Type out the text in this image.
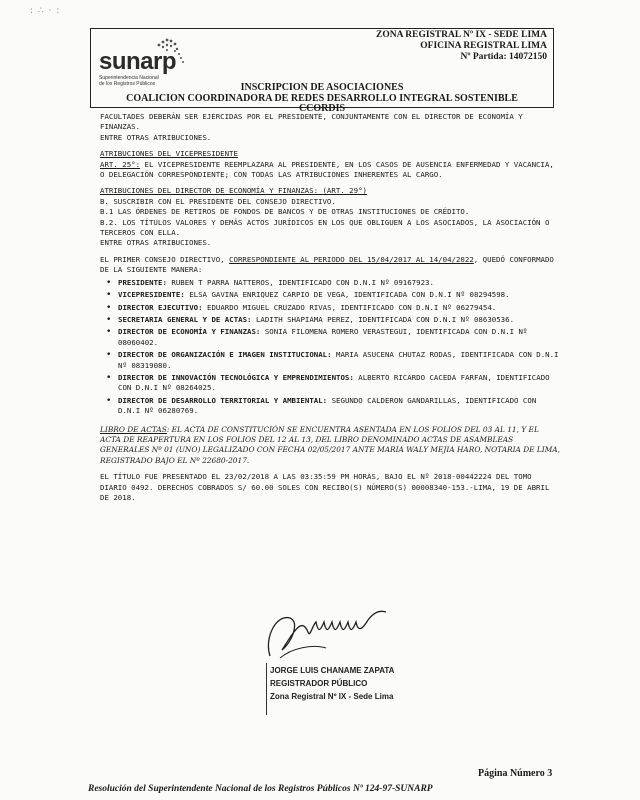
: ∴ · :
sunarp
Superintendencia Nacional
de los Registros Públicos
ZONA REGISTRAL Nº IX - SEDE LIMA
OFICINA REGISTRAL LIMA
Nº Partida: 14072150
INSCRIPCION DE ASOCIACIONES
COALICION COORDINADORA DE REDES DESARROLLO INTEGRAL SOSTENIBLE
CCORDIS

FACULTADES DEBERÁN SER EJERCIDAS POR EL PRESIDENTE, CONJUNTAMENTE CON EL DIRECTOR DE ECONOMÍA Y FINANZAS.

ENTRE OTRAS ATRIBUCIONES.

ATRIBUCIONES DEL VICEPRESIDENTE

ART. 25°: EL VICEPRESIDENTE REEMPLAZARA AL PRESIDENTE, EN LOS CASOS DE AUSENCIA ENFERMEDAD Y VACANCIA, O DELEGACIÓN CORRESPONDIENTE; CON TODAS LAS ATRIBUCIONES INHERENTES AL CARGO.

ATRIBUCIONES DEL DIRECTOR DE ECONOMÍA Y FINANZAS: (ART. 29°)

B. SUSCRIBIR CON EL PRESIDENTE DEL CONSEJO DIRECTIVO.

B.1 LAS ÓRDENES DE RETIROS DE FONDOS DE BANCOS Y DE OTRAS INSTITUCIONES DE CRÉDITO.

B.2. LOS TÍTULOS VALORES Y DEMÁS ACTOS JURÍDICOS EN LOS QUE OBLIGUEN A LOS ASOCIADOS, LA ASOCIACIÓN O TERCEROS CON ELLA.

ENTRE OTRAS ATRIBUCIONES.

EL PRIMER CONSEJO DIRECTIVO, CORRESPONDIENTE AL PERIODO DEL 15/04/2017 AL 14/04/2022, QUEDÓ CONFORMADO DE LA SIGUIENTE MANERA:

• PRESIDENTE: RUBEN T PARRA NATTEROS, IDENTIFICADO CON D.N.I Nº 09167923.
• VICEPRESIDENTE: ELSA GAVINA ENRIQUEZ CARPIO DE VEGA, IDENTIFICADA CON D.N.I Nº 08294598.
• DIRECTOR EJECUTIVO: EDUARDO MIGUEL CRUZADO RIVAS, IDENTIFICADO CON D.N.I Nº 06279454.
• SECRETARIA GENERAL Y DE ACTAS: LADITH SHAPIAMA PEREZ, IDENTIFICADA CON D.N.I Nº 08630536.
• DIRECTOR DE ECONOMÍA Y FINANZAS: SONIA FILOMENA ROMERO VERASTEGUI, IDENTIFICADA CON D.N.I Nº 08060402.
• DIRECTOR DE ORGANIZACIÓN E IMAGEN INSTITUCIONAL: MARIA ASUCENA CHUTAZ RODAS, IDENTIFICADA CON D.N.I Nº 08319080.
• DIRECTOR DE INNOVACIÓN TECNOLÓGICA Y EMPRENDIMIENTOS: ALBERTO RICARDO CACEDA FARFAN, IDENTIFICADO CON D.N.I Nº 08264025.
• DIRECTOR DE DESARROLLO TERRITORIAL Y AMBIENTAL: SEGUNDO CALDERON GANDARILLAS, IDENTIFICADO CON D.N.I Nº 06280769.

LIBRO DE ACTAS: EL ACTA DE CONSTITUCIÓN SE ENCUENTRA ASENTADA EN LOS FOLIOS DEL 03 AL 11, Y EL ACTA DE REAPERTURA EN LOS FOLIOS DEL 12 AL 13, DEL LIBRO DENOMINADO ACTAS DE ASAMBLEAS GENERALES Nº 01 (UNO) LEGALIZADO CON FECHA 02/05/2017 ANTE MARIA WALY MEJIA HARO, NOTARIA DE LIMA, REGISTRADO BAJO EL Nº 22680-2017.

EL TÍTULO FUE PRESENTADO EL 23/02/2018 A LAS 03:35:59 PM HORAS, BAJO EL Nº 2018-00442224 DEL TOMO DIARIO 0492. DERECHOS COBRADOS S/ 60.00 SOLES CON RECIBO(S) NÚMERO(S) 00008340-153.-LIMA, 19 DE ABRIL DE 2018.

JORGE LUIS CHANAME ZAPATA
REGISTRADOR PÚBLICO
Zona Registral Nº IX - Sede Lima
Página Número 3
Resolución del Superintendente Nacional de los Registros Públicos Nº 124-97-SUNARP
